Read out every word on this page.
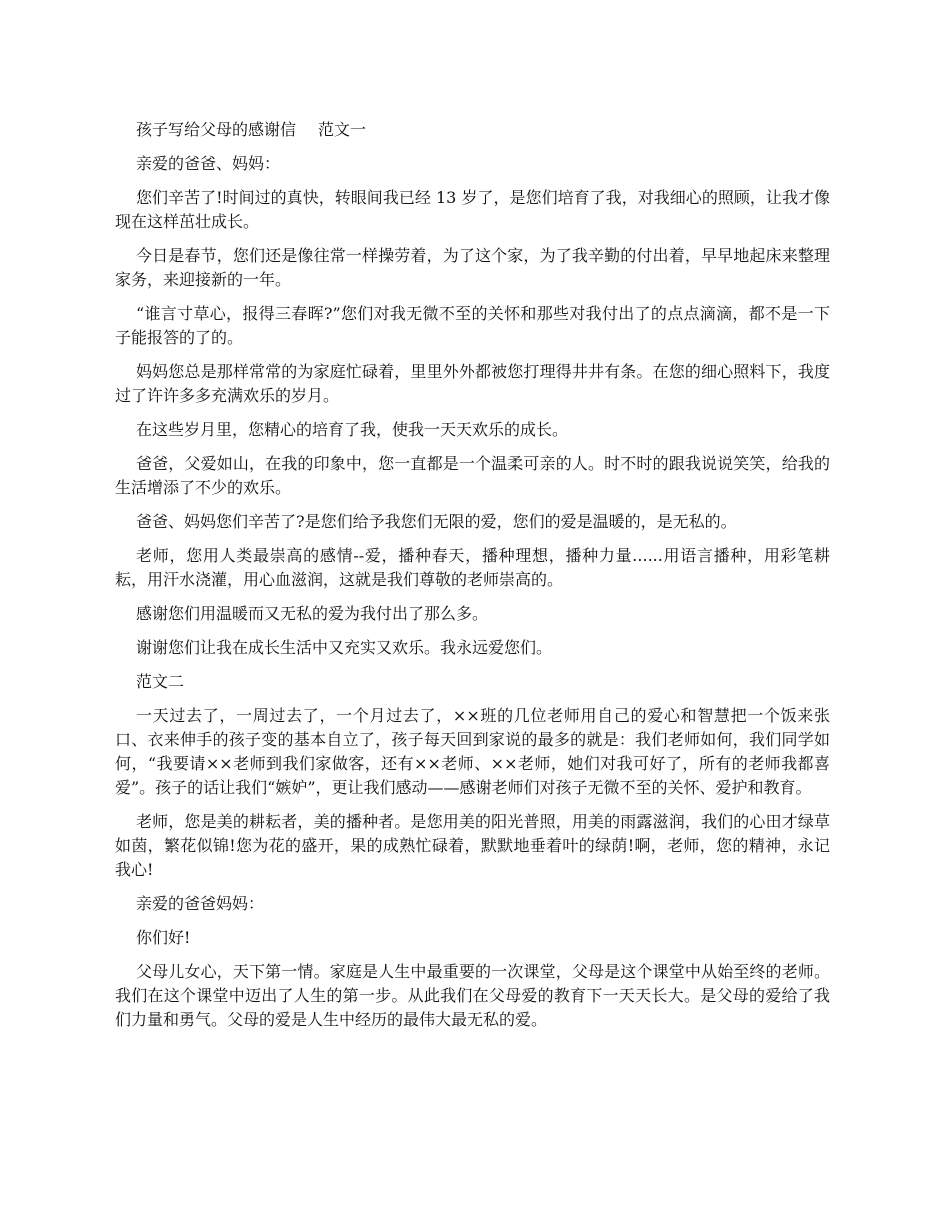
孩子写给父母的感谢信 范文一

亲爱的爸爸、妈妈：

您们辛苦了!时间过的真快，转眼间我已经 13 岁了，是您们培育了我，对我细心的照顾，让我才像现在这样茁壮成长。

今日是春节，您们还是像往常一样操劳着，为了这个家，为了我辛勤的付出着，早早地起床来整理家务，来迎接新的一年。

“谁言寸草心，报得三春晖?”您们对我无微不至的关怀和那些对我付出了的点点滴滴，都不是一下子能报答的了的。

妈妈您总是那样常常的为家庭忙碌着，里里外外都被您打理得井井有条。在您的细心照料下，我度过了许许多多充满欢乐的岁月。

在这些岁月里，您精心的培育了我，使我一天天欢乐的成长。

爸爸，父爱如山，在我的印象中，您一直都是一个温柔可亲的人。时不时的跟我说说笑笑，给我的生活增添了不少的欢乐。

爸爸、妈妈您们辛苦了?是您们给予我您们无限的爱，您们的爱是温暖的，是无私的。

老师，您用人类最崇高的感情--爱，播种春天，播种理想，播种力量......用语言播种，用彩笔耕耘，用汗水浇灌，用心血滋润，这就是我们尊敬的老师崇高的。

感谢您们用温暖而又无私的爱为我付出了那么多。

谢谢您们让我在成长生活中又充实又欢乐。我永远爱您们。

范文二

一天过去了，一周过去了，一个月过去了，××班的几位老师用自己的爱心和智慧把一个饭来张口、衣来伸手的孩子变的基本自立了，孩子每天回到家说的最多的就是：我们老师如何，我们同学如何，“我要请××老师到我们家做客，还有××老师、××老师，她们对我可好了，所有的老师我都喜爱”。孩子的话让我们“嫉妒”，更让我们感动——感谢老师们对孩子无微不至的关怀、爱护和教育。

老师，您是美的耕耘者，美的播种者。是您用美的阳光普照，用美的雨露滋润，我们的心田才绿草如茵，繁花似锦!您为花的盛开，果的成熟忙碌着，默默地垂着叶的绿荫!啊，老师，您的精神，永记我心!

亲爱的爸爸妈妈：

你们好!

父母儿女心，天下第一情。家庭是人生中最重要的一次课堂，父母是这个课堂中从始至终的老师。我们在这个课堂中迈出了人生的第一步。从此我们在父母爱的教育下一天天长大。是父母的爱给了我们力量和勇气。父母的爱是人生中经历的最伟大最无私的爱。
